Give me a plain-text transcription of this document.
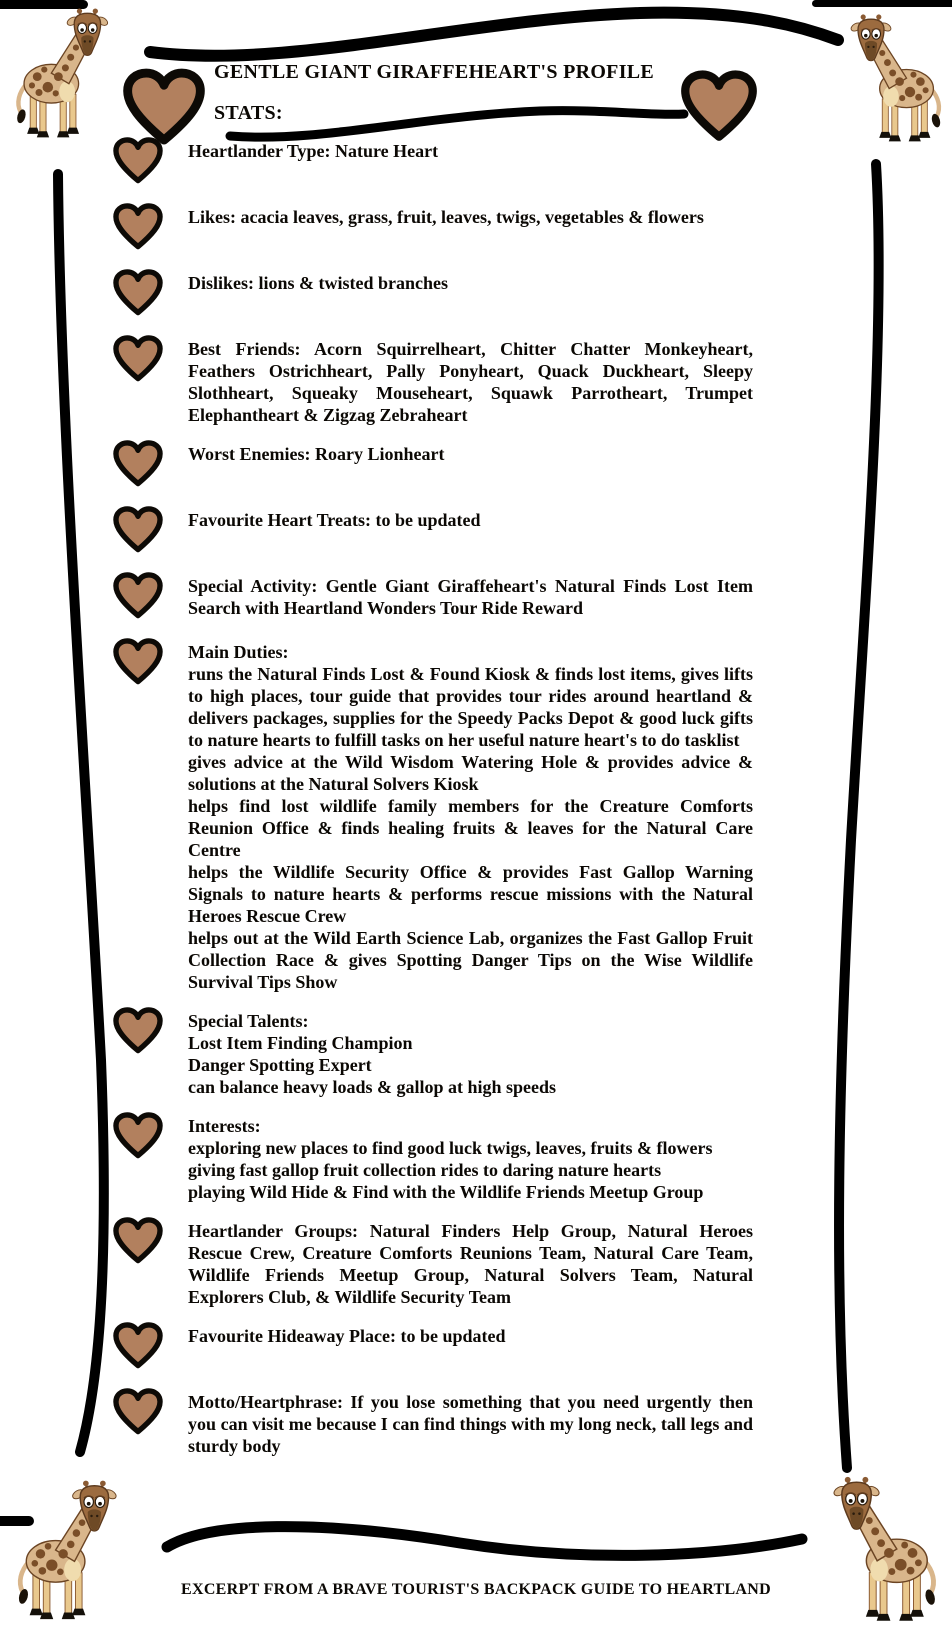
GENTLE GIANT GIRAFFEHEART'S PROFILE
STATS:

Heartlander Type: Nature Heart

Likes: acacia leaves, grass, fruit, leaves, twigs, vegetables & flowers

Dislikes: lions & twisted branches

Best Friends: Acorn Squirrelheart, Chitter Chatter Monkeyheart, Feathers Ostrichheart, Pally Ponyheart, Quack Duckheart, Sleepy Slothheart, Squeaky Mouseheart, Squawk Parrotheart, Trumpet Elephantheart & Zigzag Zebraheart

Worst Enemies: Roary Lionheart

Favourite Heart Treats: to be updated

Special Activity: Gentle Giant Giraffeheart's Natural Finds Lost Item Search with Heartland Wonders Tour Ride Reward

Main Duties:

runs the Natural Finds Lost & Found Kiosk & finds lost items, gives lifts to high places, tour guide that provides tour rides around heartland & delivers packages, supplies for the Speedy Packs Depot & good luck gifts to nature hearts to fulfill tasks on her useful nature heart's to do tasklist

gives advice at the Wild Wisdom Watering Hole & provides advice & solutions at the Natural Solvers Kiosk

helps find lost wildlife family members for the Creature Comforts Reunion Office & finds healing fruits & leaves for the Natural Care Centre

helps the Wildlife Security Office & provides Fast Gallop Warning Signals to nature hearts & performs rescue missions with the Natural Heroes Rescue Crew

helps out at the Wild Earth Science Lab, organizes the Fast Gallop Fruit Collection Race & gives Spotting Danger Tips on the Wise Wildlife Survival Tips Show

Special Talents:

Lost Item Finding Champion

Danger Spotting Expert

can balance heavy loads & gallop at high speeds

Interests:

exploring new places to find good luck twigs, leaves, fruits & flowers

giving fast gallop fruit collection rides to daring nature hearts

playing Wild Hide & Find with the Wildlife Friends Meetup Group

Heartlander Groups: Natural Finders Help Group, Natural Heroes Rescue Crew, Creature Comforts Reunions Team, Natural Care Team, Wildlife Friends Meetup Group, Natural Solvers Team, Natural Explorers Club, & Wildlife Security Team

Favourite Hideaway Place: to be updated

Motto/Heartphrase: If you lose something that you need urgently then you can visit me because I can find things with my long neck, tall legs and sturdy body

EXCERPT FROM A BRAVE TOURIST'S BACKPACK GUIDE TO HEARTLAND
